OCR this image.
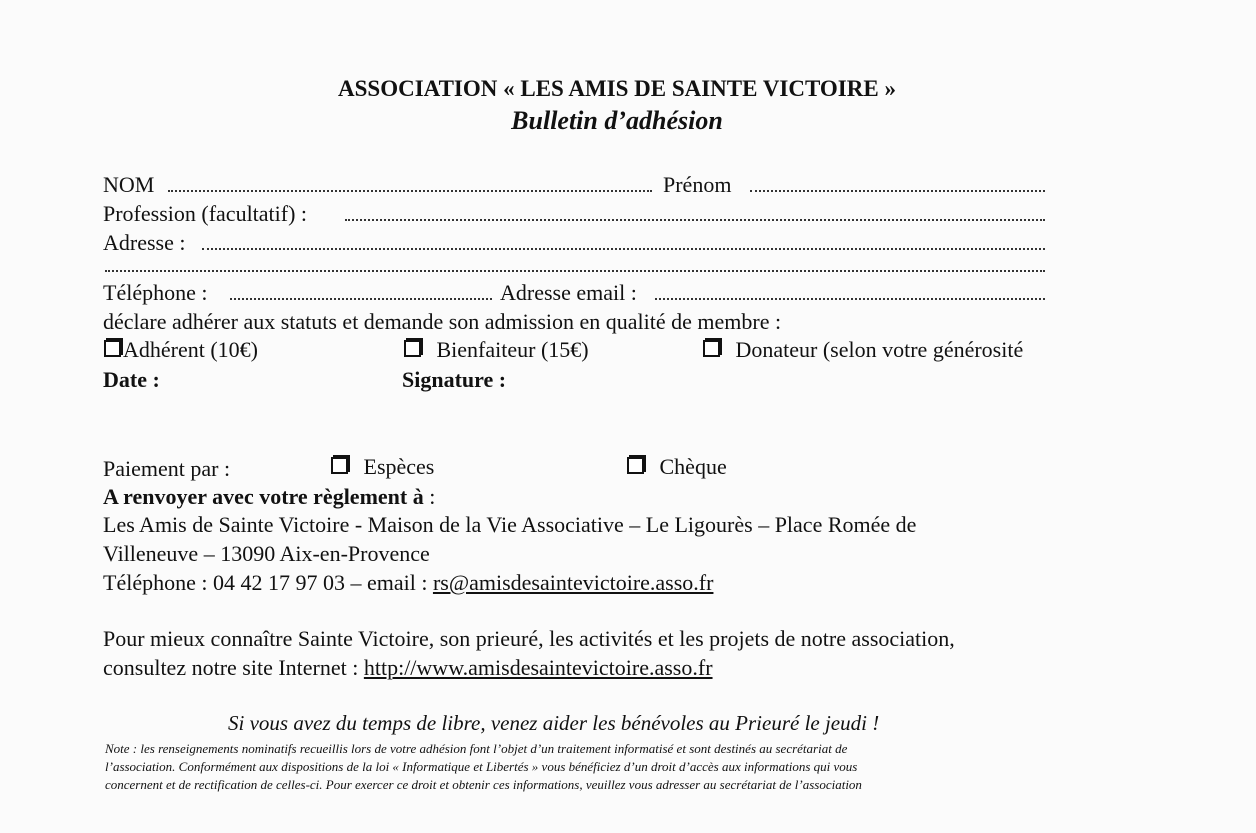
ASSOCIATION « LES AMIS DE SAINTE VICTOIRE »
Bulletin d’adhésion
NOM	Prénom
Profession (facultatif) :
Adresse :
Téléphone :	Adresse email :
déclare adhérer aux statuts et demande son admission en qualité de membre :
Adhérent (10€)	Bienfaiteur (15€)	Donateur (selon votre générosité
Date :	Signature :
Paiement par :	Espèces	Chèque
A renvoyer avec votre règlement à :
Les Amis de Sainte Victoire - Maison de la Vie Associative – Le Ligourès – Place Romée de
Villeneuve – 13090 Aix-en-Provence
Téléphone : 04 42 17 97 03 – email : rs@amisdesaintevictoire.asso.fr
Pour mieux connaître Sainte Victoire, son prieuré, les activités et les projets de notre association,
consultez notre site Internet : http://www.amisdesaintevictoire.asso.fr
Si vous avez du temps de libre, venez aider les bénévoles au Prieuré le jeudi !
Note : les renseignements nominatifs recueillis lors de votre adhésion font l’objet d’un traitement informatisé et sont destinés au secrétariat de
l’association. Conformément aux dispositions de la loi « Informatique et Libertés » vous bénéficiez d’un droit d’accès aux informations qui vous
concernent et de rectification de celles-ci. Pour exercer ce droit et obtenir ces informations, veuillez vous adresser au secrétariat de l’association
